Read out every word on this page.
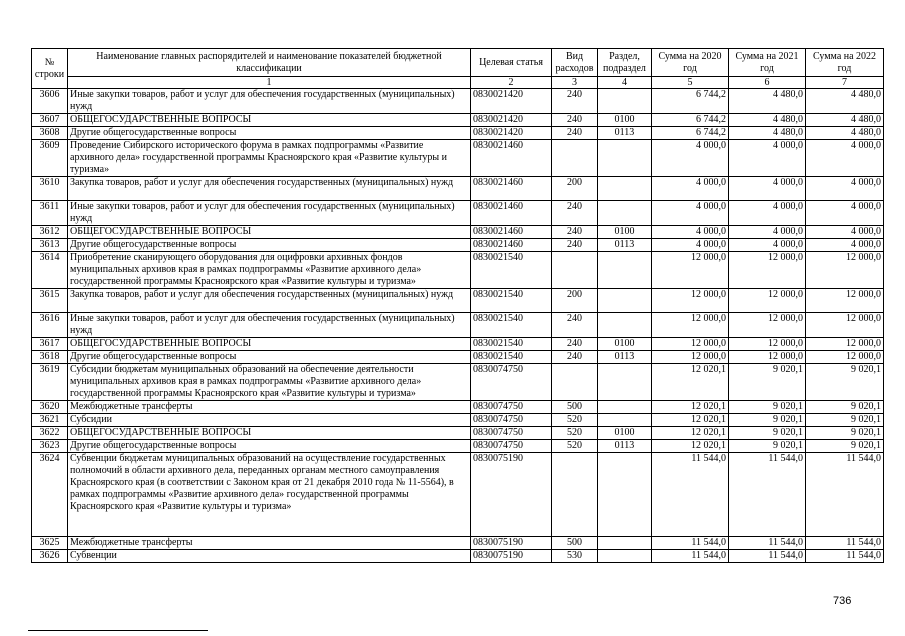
№ строки	Наименование главных распорядителей и наименование показателей бюджетной классификации	Целевая статья	Вид расходов	Раздел, подраздел	Сумма на 2020 год	Сумма на 2021 год	Сумма на 2022 год
	1	2	3	4	5	6	7
3606	Иные закупки товаров, работ и услуг для обеспечения государственных (муниципальных) нужд	0830021420	240		6 744,2	4 480,0	4 480,0
3607	ОБЩЕГОСУДАРСТВЕННЫЕ ВОПРОСЫ	0830021420	240	0100	6 744,2	4 480,0	4 480,0
3608	Другие общегосударственные вопросы	0830021420	240	0113	6 744,2	4 480,0	4 480,0
3609	Проведение Сибирского исторического форума в рамках подпрограммы «Развитие архивного дела» государственной программы Красноярского края «Развитие культуры и туризма»	0830021460			4 000,0	4 000,0	4 000,0
3610	Закупка товаров, работ и услуг для обеспечения государственных (муниципальных) нужд	0830021460	200		4 000,0	4 000,0	4 000,0
3611	Иные закупки товаров, работ и услуг для обеспечения государственных (муниципальных) нужд	0830021460	240		4 000,0	4 000,0	4 000,0
3612	ОБЩЕГОСУДАРСТВЕННЫЕ ВОПРОСЫ	0830021460	240	0100	4 000,0	4 000,0	4 000,0
3613	Другие общегосударственные вопросы	0830021460	240	0113	4 000,0	4 000,0	4 000,0
3614	Приобретение сканирующего оборудования для оцифровки архивных фондов муниципальных архивов края в рамках подпрограммы «Развитие архивного дела» государственной программы Красноярского края «Развитие культуры и туризма»	0830021540			12 000,0	12 000,0	12 000,0
3615	Закупка товаров, работ и услуг для обеспечения государственных (муниципальных) нужд	0830021540	200		12 000,0	12 000,0	12 000,0
3616	Иные закупки товаров, работ и услуг для обеспечения государственных (муниципальных) нужд	0830021540	240		12 000,0	12 000,0	12 000,0
3617	ОБЩЕГОСУДАРСТВЕННЫЕ ВОПРОСЫ	0830021540	240	0100	12 000,0	12 000,0	12 000,0
3618	Другие общегосударственные вопросы	0830021540	240	0113	12 000,0	12 000,0	12 000,0
3619	Субсидии бюджетам муниципальных образований на обеспечение деятельности муниципальных архивов края в рамках подпрограммы «Развитие архивного дела» государственной программы Красноярского края «Развитие культуры и туризма»	0830074750			12 020,1	9 020,1	9 020,1
3620	Межбюджетные трансферты	0830074750	500		12 020,1	9 020,1	9 020,1
3621	Субсидии	0830074750	520		12 020,1	9 020,1	9 020,1
3622	ОБЩЕГОСУДАРСТВЕННЫЕ ВОПРОСЫ	0830074750	520	0100	12 020,1	9 020,1	9 020,1
3623	Другие общегосударственные вопросы	0830074750	520	0113	12 020,1	9 020,1	9 020,1
3624	Субвенции бюджетам муниципальных образований на осуществление государственных полномочий в области архивного дела, переданных органам местного самоуправления Красноярского края (в соответствии с Законом края от 21 декабря 2010 года № 11-5564), в рамках подпрограммы «Развитие архивного дела» государственной программы Красноярского края «Развитие культуры и туризма»	0830075190			11 544,0	11 544,0	11 544,0
3625	Межбюджетные трансферты	0830075190	500		11 544,0	11 544,0	11 544,0
3626	Субвенции	0830075190	530		11 544,0	11 544,0	11 544,0
736
